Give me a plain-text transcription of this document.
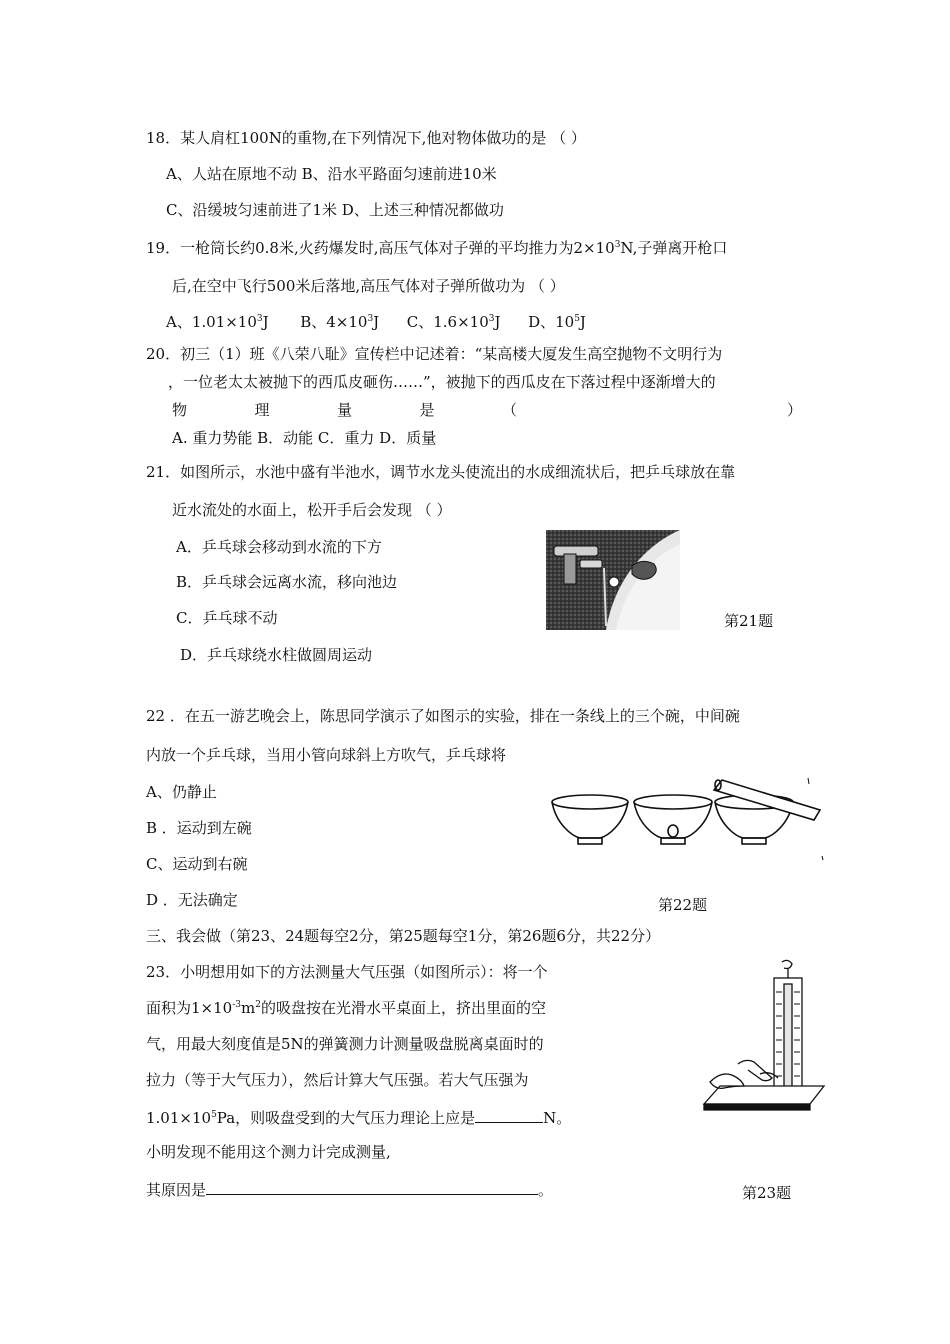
18．某人肩杠100N的重物,在下列情况下,他对物体做功的是 （ ）
A、人站在原地不动 B、沿水平路面匀速前进10米
C、沿缓坡匀速前进了1米 D、上述三种情况都做功
19．一枪筒长约0.8米,火药爆发时,高压气体对子弹的平均推力为$2\times 10^3N$,子弹离开枪口
后,在空中飞行500米后落地,高压气体对子弹所做功为 （ ）
A、$1.01\times 10^3J$ B、$4\times 10^3J$ C、$1.6\times 10^3J$ D、$10^5J$
20．初三（1）班《八荣八耻》宣传栏中记述着：“某高楼大厦发生高空抛物不文明行为
，一位老太太被抛下的西瓜皮砸伤……”，被抛下的西瓜皮在下落过程中逐渐增大的
物	理	量	是	（	）
A. 重力势能 B．动能 C．重力 D．质量
21．如图所示，水池中盛有半池水，调节水龙头使流出的水成细流状后，把乒乓球放在靠
近水流处的水面上，松开手后会发现 （ ）
A．乒乓球会移动到水流的下方
B．乒乓球会远离水流，移向池边
C．乒乓球不动
D．乒乓球绕水柱做圆周运动
第21题
22 ．在五一游艺晚会上，陈思同学演示了如图示的实验，排在一条线上的三个碗，中间碗
内放一个乒乓球，当用小管向球斜上方吹气，乒乓球将
A、仍静止
B ．运动到左碗
C、运动到右碗
D ．无法确定	第22题
三、我会做（第23、24题每空2分，第25题每空1分，第26题6分，共22分）
23．小明想用如下的方法测量大气压强（如图所示）：将一个
面积为$1\times 10^{-3}m^2$的吸盘按在光滑水平桌面上，挤出里面的空
气，用最大刻度值是5N的弹簧测力计测量吸盘脱离桌面时的
拉力（等于大气压力），然后计算大气压强。若大气压强为
$1.01\times 10^5Pa$，则吸盘受到的大气压力理论上应是	N。
小明发现不能用这个测力计完成测量,
其原因是	。	第23题
